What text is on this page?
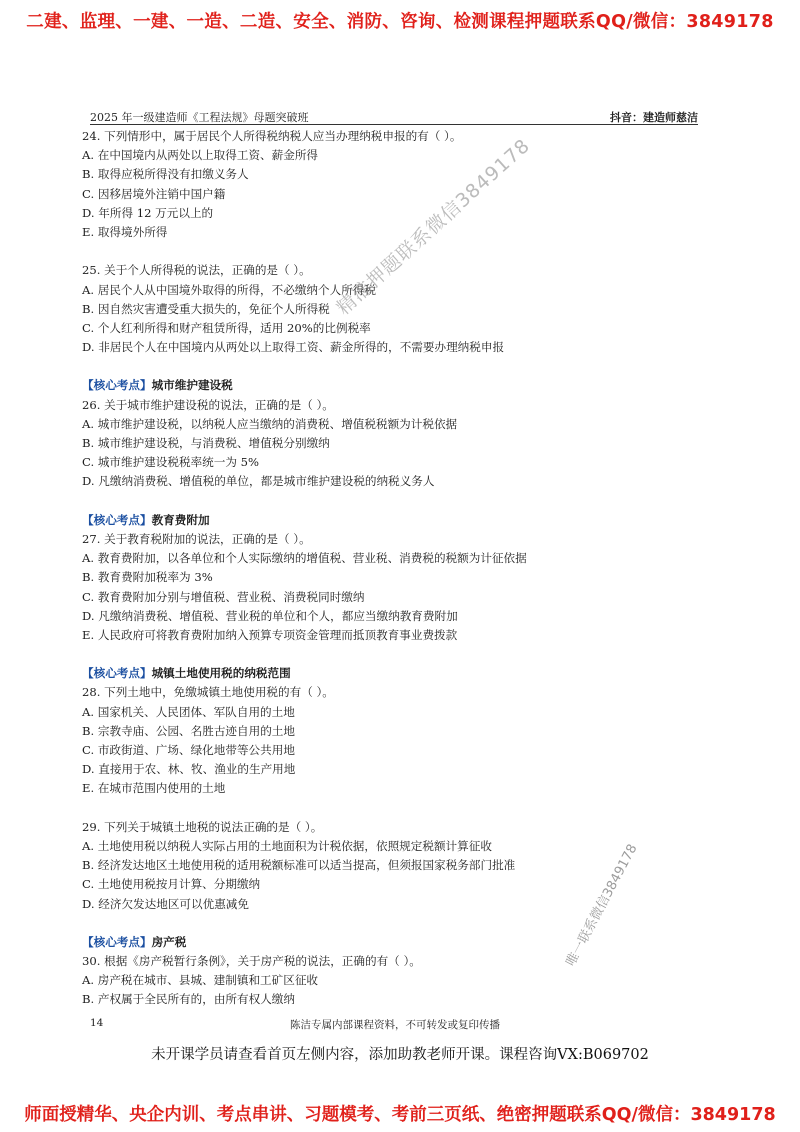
二建、监理、一建、一造、二造、安全、消防、咨询、检测课程押题联系QQ/微信：3849178
2025 年一级建造师《工程法规》母题突破班	抖音：建造师慈洁
24. 下列情形中，属于居民个人所得税纳税人应当办理纳税申报的有（ ）。
A. 在中国境内从两处以上取得工资、薪金所得
B. 取得应税所得没有扣缴义务人
C. 因移居境外注销中国户籍
D. 年所得 12 万元以上的
E. 取得境外所得
25. 关于个人所得税的说法，正确的是（ ）。
A. 居民个人从中国境外取得的所得，不必缴纳个人所得税
B. 因自然灾害遭受重大损失的，免征个人所得税
C. 个人红利所得和财产租赁所得，适用 20%的比例税率
D. 非居民个人在中国境内从两处以上取得工资、薪金所得的，不需要办理纳税申报
【核心考点】城市维护建设税
26. 关于城市维护建设税的说法，正确的是（ ）。
A. 城市维护建设税，以纳税人应当缴纳的消费税、增值税税额为计税依据
B. 城市维护建设税，与消费税、增值税分别缴纳
C. 城市维护建设税税率统一为 5%
D. 凡缴纳消费税、增值税的单位，都是城市维护建设税的纳税义务人
【核心考点】教育费附加
27. 关于教育税附加的说法，正确的是（ ）。
A. 教育费附加，以各单位和个人实际缴纳的增值税、营业税、消费税的税额为计征依据
B. 教育费附加税率为 3%
C. 教育费附加分别与增值税、营业税、消费税同时缴纳
D. 凡缴纳消费税、增值税、营业税的单位和个人，都应当缴纳教育费附加
E. 人民政府可将教育费附加纳入预算专项资金管理而抵顶教育事业费拨款
【核心考点】城镇土地使用税的纳税范围
28. 下列土地中，免缴城镇土地使用税的有（ ）。
A. 国家机关、人民团体、军队自用的土地
B. 宗教寺庙、公园、名胜古迹自用的土地
C. 市政街道、广场、绿化地带等公共用地
D. 直接用于农、林、牧、渔业的生产用地
E. 在城市范围内使用的土地
29. 下列关于城镇土地税的说法正确的是（ ）。
A. 土地使用税以纳税人实际占用的土地面积为计税依据，依照规定税额计算征收
B. 经济发达地区土地使用税的适用税额标准可以适当提高，但须报国家税务部门批准
C. 土地使用税按月计算、分期缴纳
D. 经济欠发达地区可以优惠减免
【核心考点】房产税
30. 根据《房产税暂行条例》，关于房产税的说法，正确的有（ ）。
A. 房产税在城市、县城、建制镇和工矿区征收
B. 产权属于全民所有的，由所有权人缴纳
精准押题联系微信3849178
唯一联系微信3849178
14	陈洁专属内部课程资料，不可转发或复印传播
未开课学员请查看首页左侧内容，添加助教老师开课。课程咨询VX:B069702
师面授精华、央企内训、考点串讲、习题模考、考前三页纸、绝密押题联系QQ/微信：3849178
